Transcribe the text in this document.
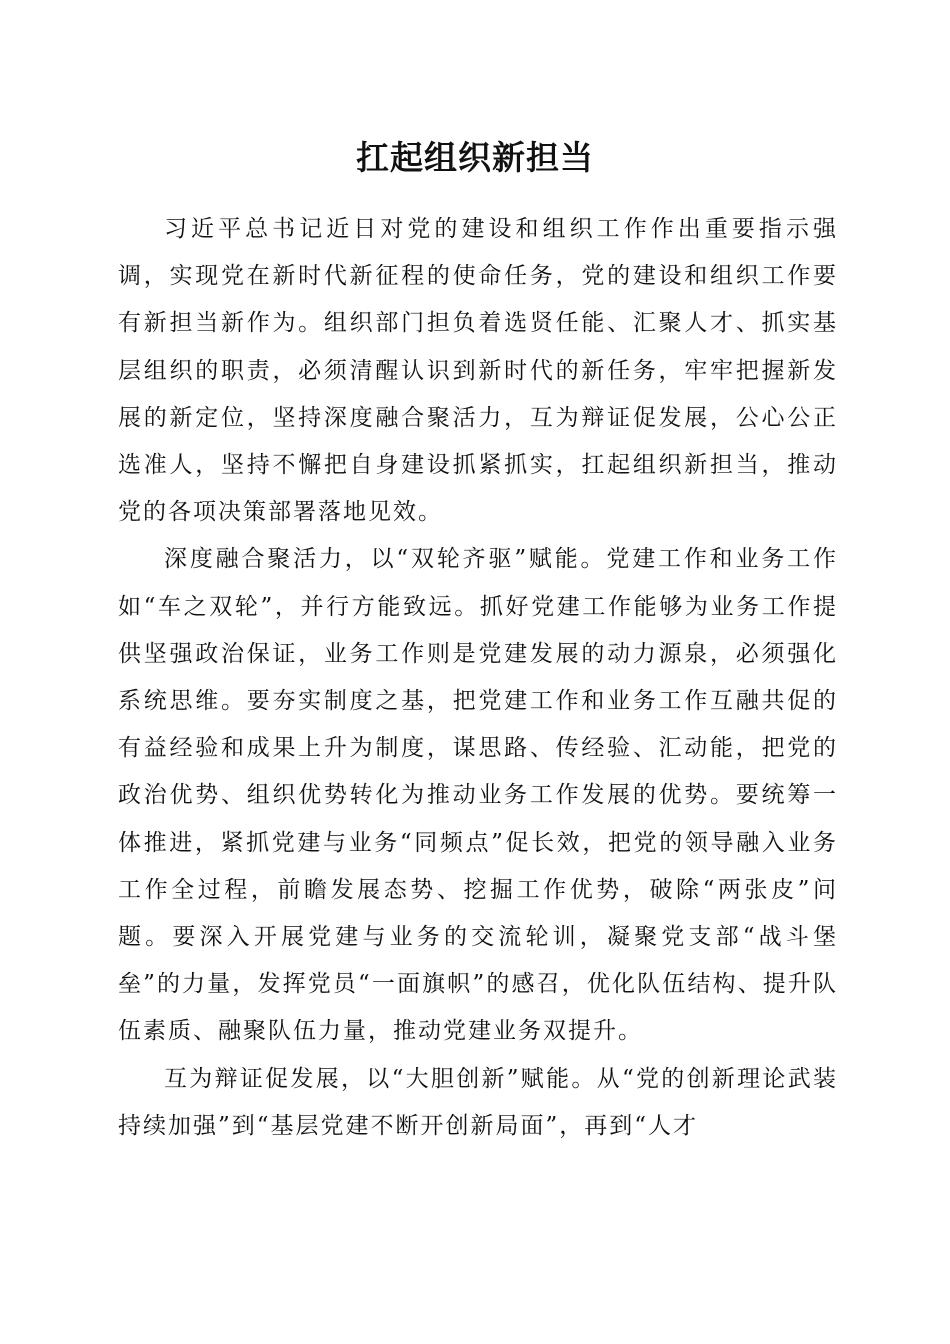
扛起组织新担当

习近平总书记近日对党的建设和组织工作作出重要指示强调，实现党在新时代新征程的使命任务，党的建设和组织工作要有新担当新作为。组织部门担负着选贤任能、汇聚人才、抓实基层组织的职责，必须清醒认识到新时代的新任务，牢牢把握新发展的新定位，坚持深度融合聚活力，互为辩证促发展，公心公正选准人，坚持不懈把自身建设抓紧抓实，扛起组织新担当，推动党的各项决策部署落地见效。

深度融合聚活力，以“双轮齐驱”赋能。党建工作和业务工作如“车之双轮”，并行方能致远。抓好党建工作能够为业务工作提供坚强政治保证，业务工作则是党建发展的动力源泉，必须强化系统思维。要夯实制度之基，把党建工作和业务工作互融共促的有益经验和成果上升为制度，谋思路、传经验、汇动能，把党的政治优势、组织优势转化为推动业务工作发展的优势。要统筹一体推进，紧抓党建与业务“同频点”促长效，把党的领导融入业务工作全过程，前瞻发展态势、挖掘工作优势，破除“两张皮”问题。要深入开展党建与业务的交流轮训，凝聚党支部“战斗堡垒”的力量，发挥党员“一面旗帜”的感召，优化队伍结构、提升队伍素质、融聚队伍力量，推动党建业务双提升。

互为辩证促发展，以“大胆创新”赋能。从“党的创新理论武装持续加强”到“基层党建不断开创新局面”，再到“人才
